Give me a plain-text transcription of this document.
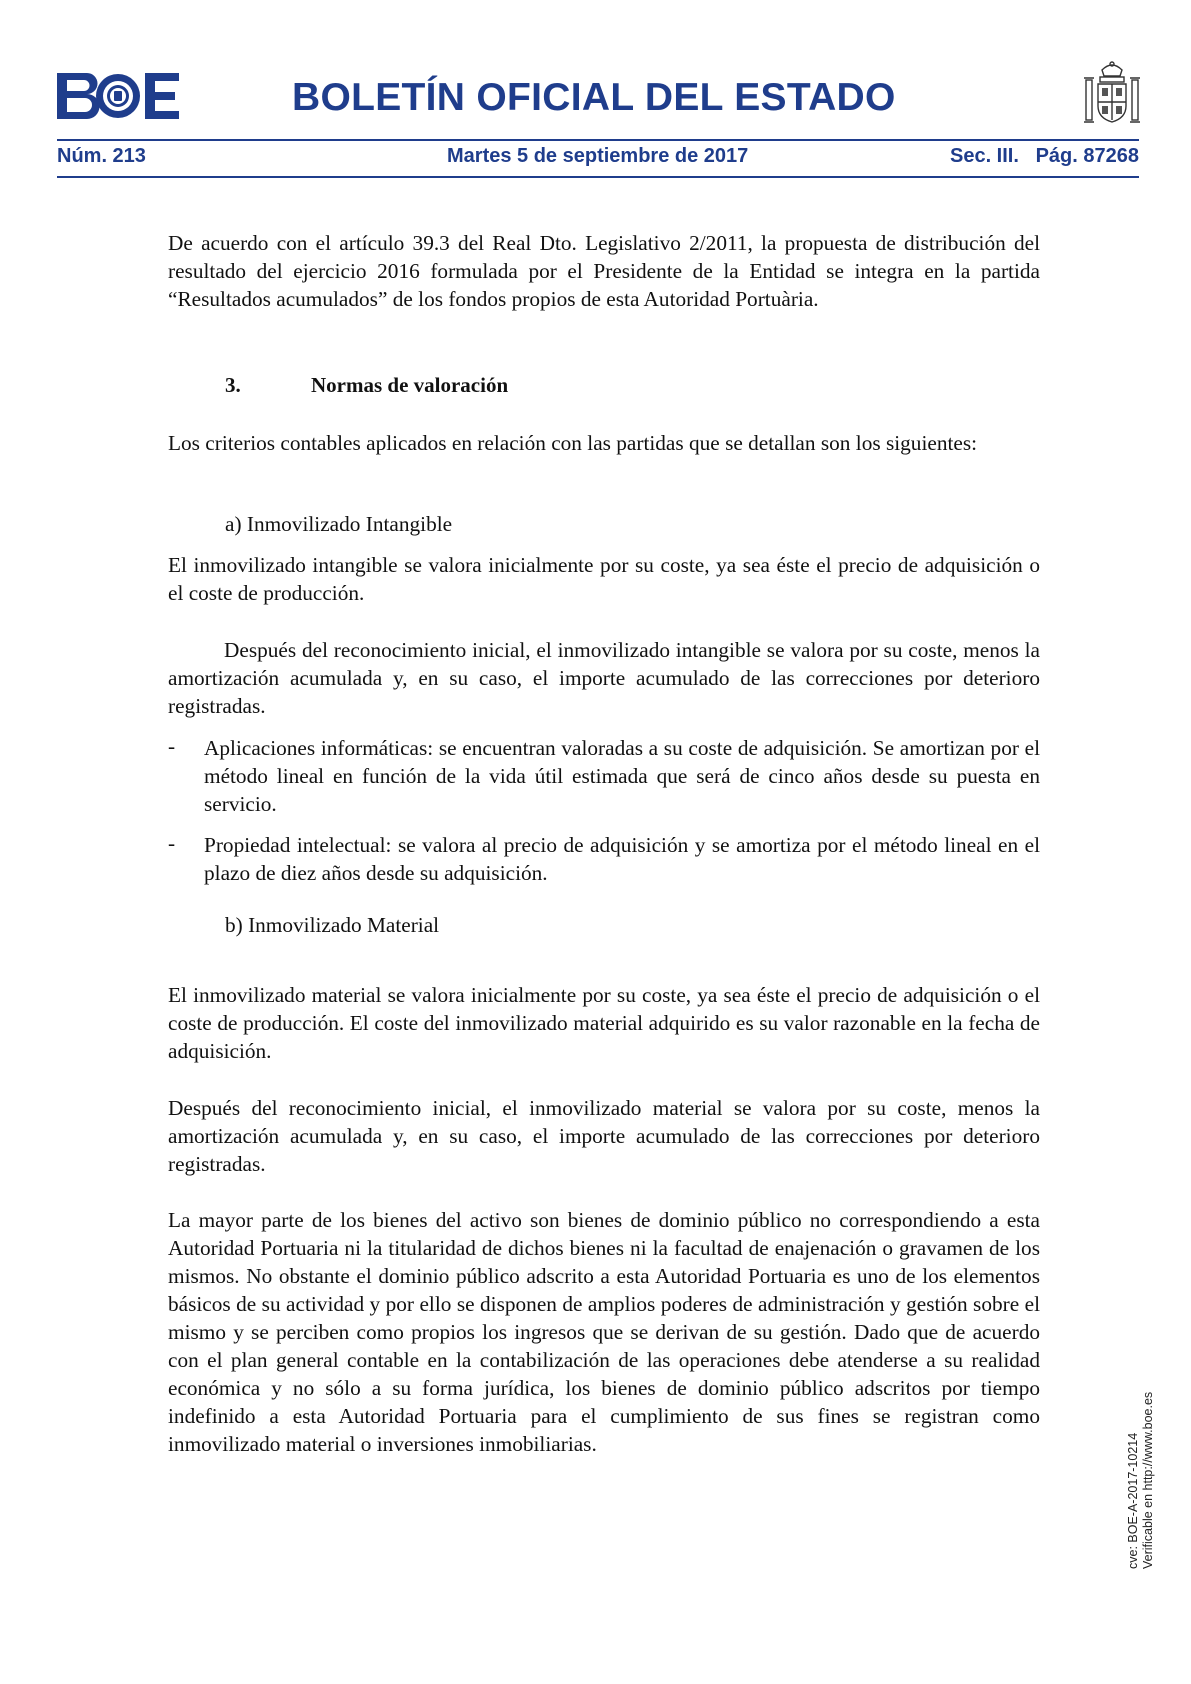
BOLETÍN OFICIAL DEL ESTADO
Núm. 213	Martes 5 de septiembre de 2017	Sec. III.   Pág. 87268

De acuerdo con el artículo 39.3 del Real Dto. Legislativo 2/2011, la propuesta de distribución del resultado del ejercicio 2016 formulada por el Presidente de la Entidad se integra en la partida “Resultados acumulados” de los fondos propios de esta Autoridad Portuària.

3.	Normas de valoración

Los criterios contables aplicados en relación con las partidas que se detallan son los siguientes:

a) Inmovilizado Intangible

El inmovilizado intangible se valora inicialmente por su coste, ya sea éste el precio de adquisición o el coste de producción.

Después del reconocimiento inicial, el inmovilizado intangible se valora por su coste, menos la amortización acumulada y, en su caso, el importe acumulado de las correcciones por deterioro registradas.

- Aplicaciones informáticas: se encuentran valoradas a su coste de adquisición. Se amortizan por el método lineal en función de la vida útil estimada que será de cinco años desde su puesta en servicio.

- Propiedad intelectual: se valora al precio de adquisición y se amortiza por el método lineal en el plazo de diez años desde su adquisición.

b) Inmovilizado Material

El inmovilizado material se valora inicialmente por su coste, ya sea éste el precio de adquisición o el coste de producción. El coste del inmovilizado material adquirido es su valor razonable en la fecha de adquisición.

Después del reconocimiento inicial, el inmovilizado material se valora por su coste, menos la amortización acumulada y, en su caso, el importe acumulado de las correcciones por deterioro registradas.

La mayor parte de los bienes del activo son bienes de dominio público no correspondiendo a esta Autoridad Portuaria ni la titularidad de dichos bienes ni la facultad de enajenación o gravamen de los mismos. No obstante el dominio público adscrito a esta Autoridad Portuaria es uno de los elementos básicos de su actividad y por ello se disponen de amplios poderes de administración y gestión sobre el mismo y se perciben como propios los ingresos que se derivan de su gestión. Dado que de acuerdo con el plan general contable en la contabilización de las operaciones debe atenderse a su realidad económica y no sólo a su forma jurídica, los bienes de dominio público adscritos por tiempo indefinido a esta Autoridad Portuaria para el cumplimiento de sus fines se registran como inmovilizado material o inversiones inmobiliarias.	cve: BOE-A-2017-10214 Verificable en http://www.boe.es
